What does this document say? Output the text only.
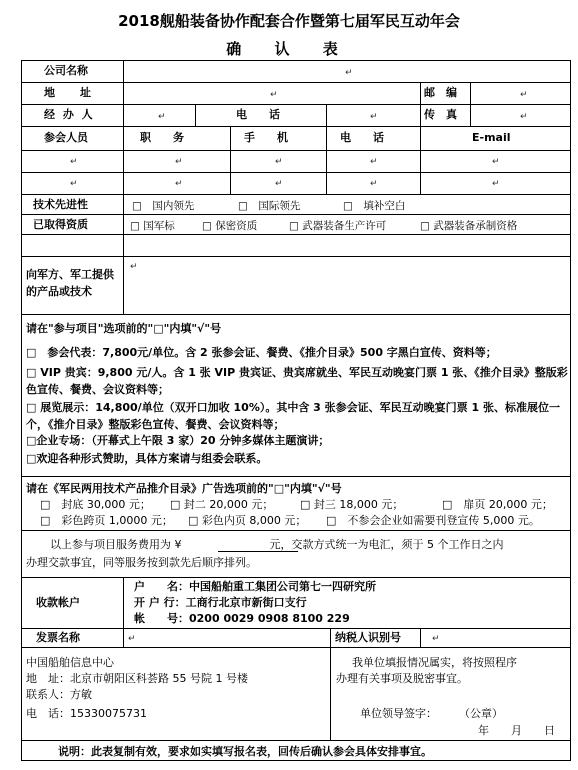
2018舰船装备协作配套合作暨第七届军民互动年会
确 认 表
公司名称	↵
地　　址	↵	邮　编	↵
经 办 人	↵	电　　话	↵	传　真	↵
参会人员	职　　务	手　　机	电　　话	E-mail
↵	↵	↵	↵	↵
↵	↵	↵	↵	↵
技术先进性	□　国内领先	□　国际领先	□　填补空白
已取得资质	□ 国军标	□ 保密资质	□ 武器装备生产许可	□ 武器装备承制资格
向军方、军工提供的产品或技术
↵
请在"参与项目"选项前的"□"内填"√"号
□　参会代表：7,800元/单位。含 2 张参会证、餐费、《推介目录》500 字黑白宣传、资料等；
□ VIP 贵宾：9,800 元/人。含 1 张 VIP 贵宾证、贵宾席就坐、军民互动晚宴门票 1 张、《推介目录》整版彩色宣传、餐费、会议资料等；
□ 展览展示：14,800/单位（双开口加收 10%）。其中含 3 张参会证、军民互动晚宴门票 1 张、标准展位一个，《推介目录》整版彩色宣传、餐费、会议资料等；
□企业专场：（开幕式上午限 3 家）20 分钟多媒体主题演讲；
□欢迎各种形式赞助，具体方案请与组委会联系。
请在《军民两用技术产品推介目录》广告选项前的"□"内填"√"号
□　封底 30,000 元； □ 封二 20,000 元； □ 封三 18,000 元；	□　扉页 20,000 元；
□　彩色跨页 1,0000 元； □ 彩色内页 8,000 元； □　不参会企业如需要刊登宣传 5,000 元。
以上参与项目服务费用为 ¥　　　　　　　　元，交款方式统一为电汇，须于 5 个工作日之内
办理交款事宜，同等服务按到款先后顺序排列。
收款帐户
户　　名：中国船舶重工集团公司第七一四研究所
开 户 行：工商行北京市新街口支行
帐　　号：0200 0029 0908 8100 229
发票名称	↵	纳税人识别号	↵
中国船舶信息中心
地　址：北京市朝阳区科荟路 55 号院 1 号楼
联系人：方敏
电　话：15330075731
我单位填报情况属实，将按照程序
办理有关事项及脱密事宜。
单位领导签字：　　　（公章）
年　　月　　日
说明：此表复制有效，要求如实填写报名表，回传后确认参会具体安排事宜。
